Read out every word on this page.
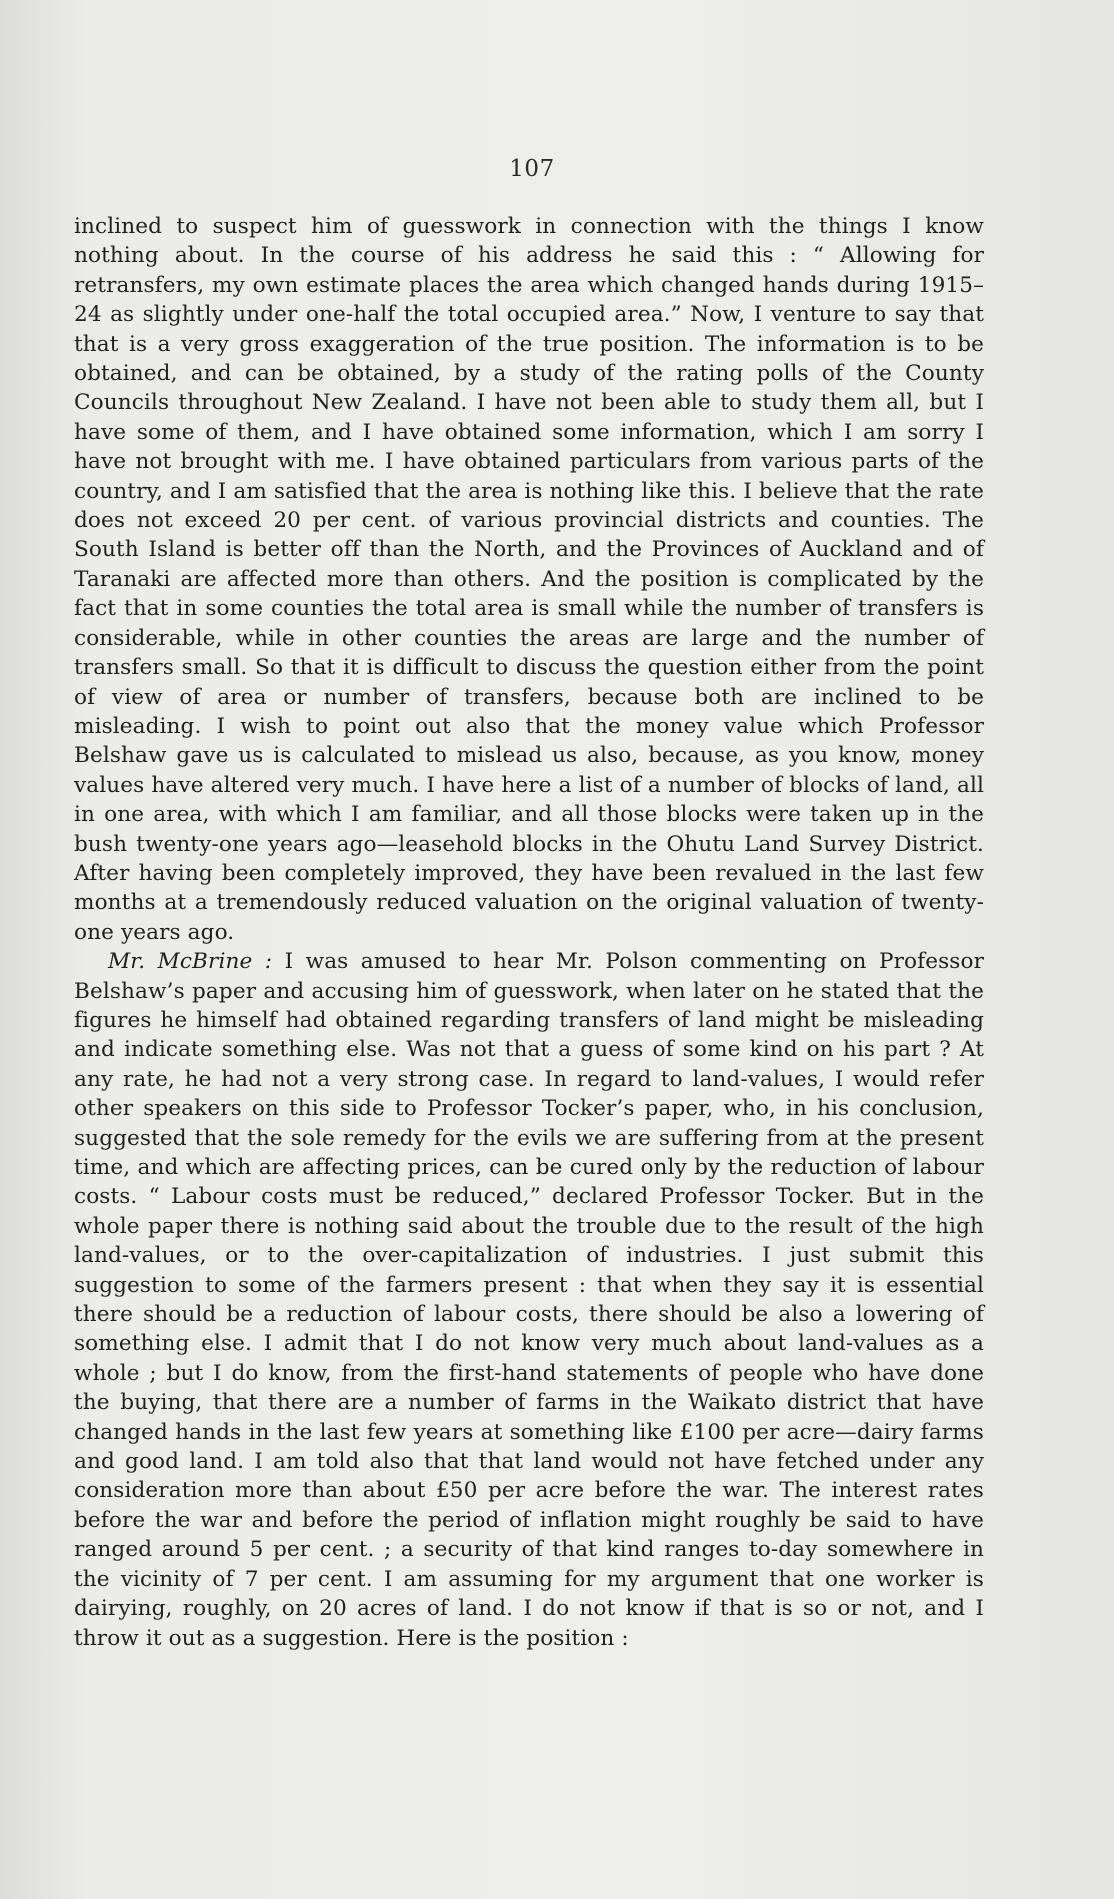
107

inclined to suspect him of guesswork in connection with the things I know nothing about. In the course of his address he said this : “ Allowing for retransfers, my own estimate places the area which changed hands during 1915–24 as slightly under one-half the total occupied area.” Now, I venture to say that that is a very gross exaggeration of the true position. The information is to be obtained, and can be obtained, by a study of the rating polls of the County Councils throughout New Zealand. I have not been able to study them all, but I have some of them, and I have obtained some information, which I am sorry I have not brought with me. I have obtained particulars from various parts of the country, and I am satisfied that the area is nothing like this. I believe that the rate does not exceed 20 per cent. of various provincial districts and counties. The South Island is better off than the North, and the Provinces of Auckland and of Taranaki are affected more than others. And the position is complicated by the fact that in some counties the total area is small while the number of transfers is considerable, while in other counties the areas are large and the number of transfers small. So that it is difficult to discuss the question either from the point of view of area or number of transfers, because both are inclined to be misleading. I wish to point out also that the money value which Professor Belshaw gave us is calculated to mislead us also, because, as you know, money values have altered very much. I have here a list of a number of blocks of land, all in one area, with which I am familiar, and all those blocks were taken up in the bush twenty-one years ago—leasehold blocks in the Ohutu Land Survey District. After having been completely improved, they have been revalued in the last few months at a tremendously reduced valuation on the original valuation of twenty-one years ago.

Mr. McBrine : I was amused to hear Mr. Polson commenting on Professor Belshaw’s paper and accusing him of guesswork, when later on he stated that the figures he himself had obtained regarding transfers of land might be misleading and indicate something else. Was not that a guess of some kind on his part ? At any rate, he had not a very strong case. In regard to land-values, I would refer other speakers on this side to Professor Tocker’s paper, who, in his conclusion, suggested that the sole remedy for the evils we are suffering from at the present time, and which are affecting prices, can be cured only by the reduction of labour costs. “ Labour costs must be reduced,” declared Professor Tocker. But in the whole paper there is nothing said about the trouble due to the result of the high land-values, or to the over-capitalization of industries. I just submit this suggestion to some of the farmers present : that when they say it is essential there should be a reduction of labour costs, there should be also a lowering of something else. I admit that I do not know very much about land-values as a whole ; but I do know, from the first-hand statements of people who have done the buying, that there are a number of farms in the Waikato district that have changed hands in the last few years at something like £100 per acre—dairy farms and good land. I am told also that that land would not have fetched under any consideration more than about £50 per acre before the war. The interest rates before the war and before the period of inflation might roughly be said to have ranged around 5 per cent. ; a security of that kind ranges to-day somewhere in the vicinity of 7 per cent. I am assuming for my argument that one worker is dairying, roughly, on 20 acres of land. I do not know if that is so or not, and I throw it out as a suggestion. Here is the position :
